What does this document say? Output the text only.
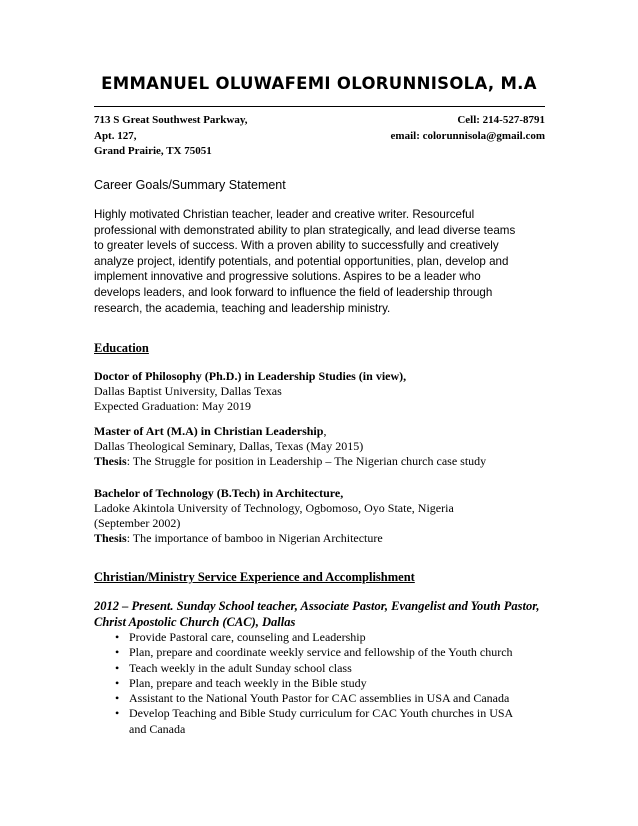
EMMANUEL OLUWAFEMI OLORUNNISOLA, M.A
713 S Great Southwest Parkway,
Apt. 127,
Grand Prairie, TX 75051
Cell: 214-527-8791
email: colorunnisola@gmail.com
Career Goals/Summary Statement
Highly motivated Christian teacher, leader and creative writer. Resourceful
professional with demonstrated ability to plan strategically, and lead diverse teams
to greater levels of success. With a proven ability to successfully and creatively
analyze project, identify potentials, and potential opportunities, plan, develop and
implement innovative and progressive solutions. Aspires to be a leader who
develops leaders, and look forward to influence the field of leadership through
research, the academia, teaching and leadership ministry.
Education
Doctor of Philosophy (Ph.D.) in Leadership Studies (in view),
Dallas Baptist University, Dallas Texas
Expected Graduation: May 2019
Master of Art (M.A) in Christian Leadership,
Dallas Theological Seminary, Dallas, Texas (May 2015)
Thesis: The Struggle for position in Leadership – The Nigerian church case study
Bachelor of Technology (B.Tech) in Architecture,
Ladoke Akintola University of Technology, Ogbomoso, Oyo State, Nigeria
(September 2002)
Thesis: The importance of bamboo in Nigerian Architecture
Christian/Ministry Service Experience and Accomplishment
2012 – Present. Sunday School teacher, Associate Pastor, Evangelist and Youth Pastor,
Christ Apostolic Church (CAC), Dallas
• Provide Pastoral care, counseling and Leadership
• Plan, prepare and coordinate weekly service and fellowship of the Youth church
• Teach weekly in the adult Sunday school class
• Plan, prepare and teach weekly in the Bible study
• Assistant to the National Youth Pastor for CAC assemblies in USA and Canada
• Develop Teaching and Bible Study curriculum for CAC Youth churches in USA
and Canada
